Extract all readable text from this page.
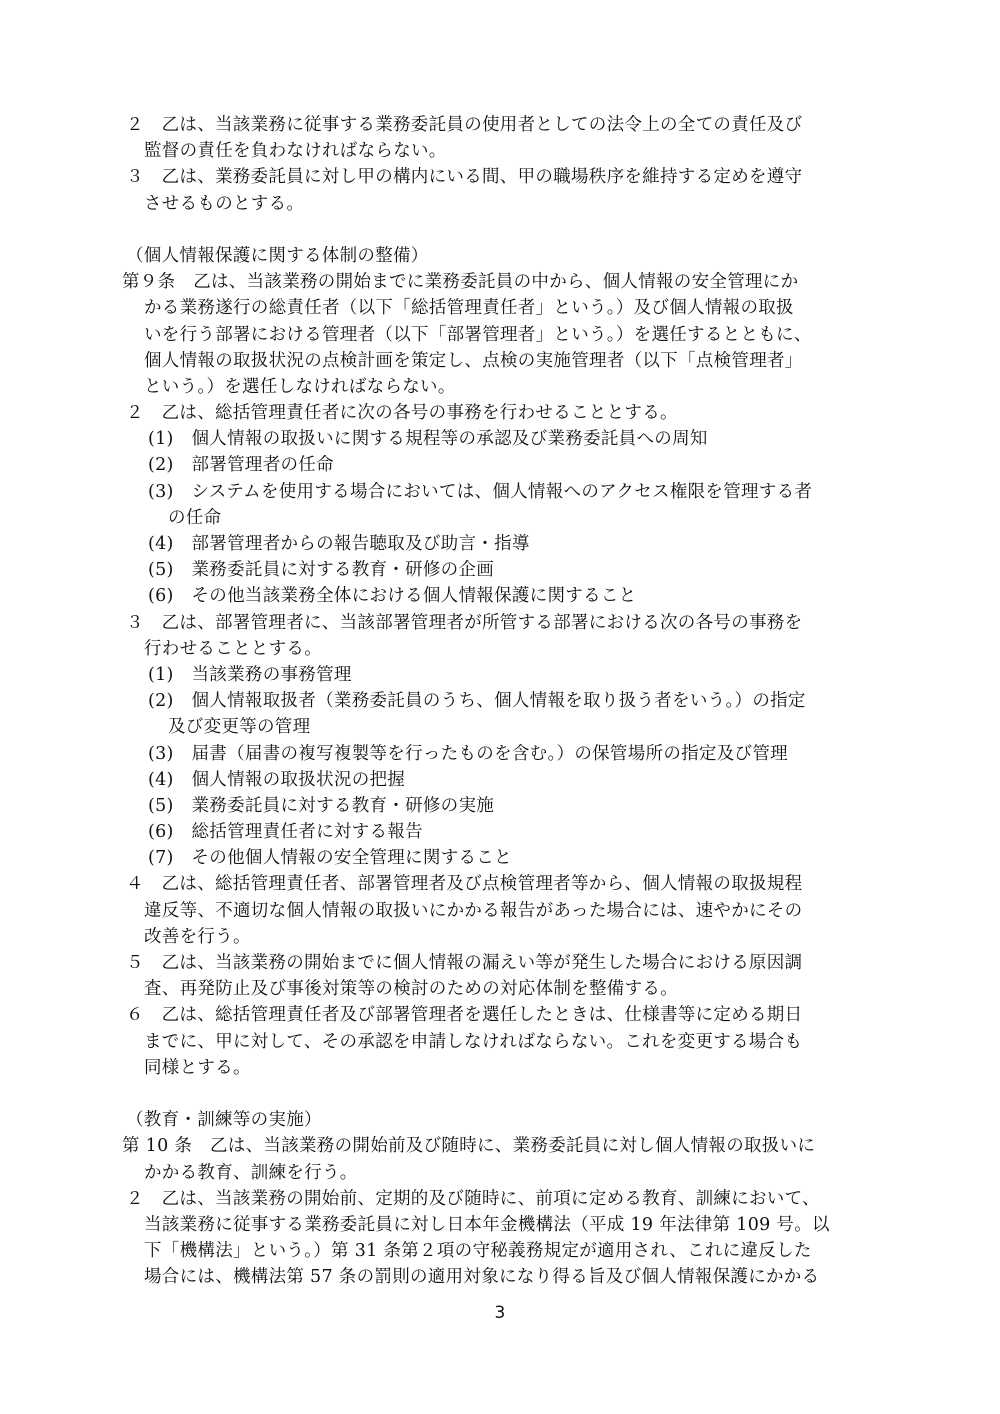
２　乙は、当該業務に従事する業務委託員の使用者としての法令上の全ての責任及び
監督の責任を負わなければならない。
３　乙は、業務委託員に対し甲の構内にいる間、甲の職場秩序を維持する定めを遵守
させるものとする。
（個人情報保護に関する体制の整備）
第９条　乙は、当該業務の開始までに業務委託員の中から、個人情報の安全管理にか
かる業務遂行の総責任者（以下「総括管理責任者」という。）及び個人情報の取扱
いを行う部署における管理者（以下「部署管理者」という。）を選任するとともに、
個人情報の取扱状況の点検計画を策定し、点検の実施管理者（以下「点検管理者」
という。）を選任しなければならない。
２　乙は、総括管理責任者に次の各号の事務を行わせることとする。
(1)　個人情報の取扱いに関する規程等の承認及び業務委託員への周知
(2)　部署管理者の任命
(3)　システムを使用する場合においては、個人情報へのアクセス権限を管理する者
の任命
(4)　部署管理者からの報告聴取及び助言・指導
(5)　業務委託員に対する教育・研修の企画
(6)　その他当該業務全体における個人情報保護に関すること
３　乙は、部署管理者に、当該部署管理者が所管する部署における次の各号の事務を
行わせることとする。
(1)　当該業務の事務管理
(2)　個人情報取扱者（業務委託員のうち、個人情報を取り扱う者をいう。）の指定
及び変更等の管理
(3)　届書（届書の複写複製等を行ったものを含む。）の保管場所の指定及び管理
(4)　個人情報の取扱状況の把握
(5)　業務委託員に対する教育・研修の実施
(6)　総括管理責任者に対する報告
(7)　その他個人情報の安全管理に関すること
４　乙は、総括管理責任者、部署管理者及び点検管理者等から、個人情報の取扱規程
違反等、不適切な個人情報の取扱いにかかる報告があった場合には、速やかにその
改善を行う。
５　乙は、当該業務の開始までに個人情報の漏えい等が発生した場合における原因調
査、再発防止及び事後対策等の検討のための対応体制を整備する。
６　乙は、総括管理責任者及び部署管理者を選任したときは、仕様書等に定める期日
までに、甲に対して、その承認を申請しなければならない。これを変更する場合も
同様とする。
（教育・訓練等の実施）
第 10 条　乙は、当該業務の開始前及び随時に、業務委託員に対し個人情報の取扱いに
かかる教育、訓練を行う。
２　乙は、当該業務の開始前、定期的及び随時に、前項に定める教育、訓練において、
当該業務に従事する業務委託員に対し日本年金機構法（平成 19 年法律第 109 号。以
下「機構法」という。）第 31 条第２項の守秘義務規定が適用され、これに違反した
場合には、機構法第 57 条の罰則の適用対象になり得る旨及び個人情報保護にかかる
3
